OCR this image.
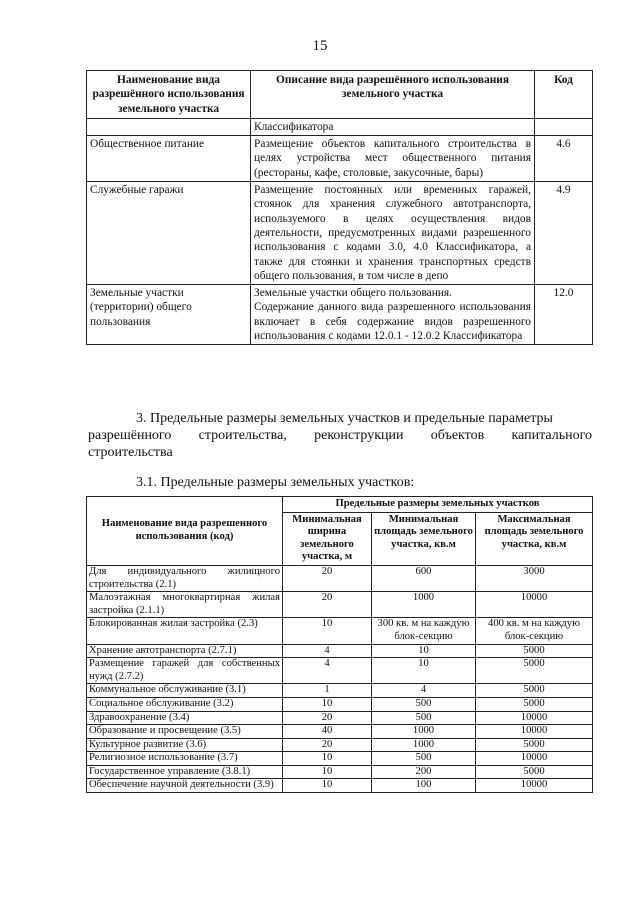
15
Наименование вида разрешённого использования земельного участка	Описание вида разрешённого использования земельного участка	Код
	Классификатора	
Общественное питание	Размещение объектов капитального строительства в целях устройства мест общественного питания (рестораны, кафе, столовые, закусочные, бары)	4.6
Служебные гаражи	Размещение постоянных или временных гаражей, стоянок для хранения служебного автотранспорта, используемого в целях осуществления видов деятельности, предусмотренных видами разрешенного использования с кодами 3.0, 4.0 Классификатора, а также для стоянки и хранения транспортных средств общего пользования, в том числе в депо	4.9
Земельные участки (территории) общего пользования	Земельные участки общего пользования.
Содержание данного вида разрешенного использования включает в себя содержание видов разрешенного использования с кодами 12.0.1 - 12.0.2 Классификатора	12.0

3. Предельные размеры земельных участков и предельные параметры
разрешённого строительства, реконструкции объектов капитального
строительства

3.1. Предельные размеры земельных участков:

Наименование вида разрешенного использования (код)	Предельные размеры земельных участков		
	Минимальная ширина земельного участка, м	Минимальная площадь земельного участка, кв.м	Максимальная площадь земельного участка, кв.м
Для индивидуального жилищного строительства (2.1)	20	600	3000
Малоэтажная многоквартирная жилая застройка (2.1.1)	20	1000	10000
Блокированная жилая застройка (2.3)	10	300 кв. м на каждую блок-секцию	400 кв. м на каждую блок-секцию
Хранение автотранспорта (2.7.1)	4	10	5000
Размещение гаражей для собственных нужд (2.7.2)	4	10	5000
Коммунальное обслуживание (3.1)	1	4	5000
Социальное обслуживание (3.2)	10	500	5000
Здравоохранение (3.4)	20	500	10000
Образование и просвещение (3.5)	40	1000	10000
Культурное развитие (3.6)	20	1000	5000
Религиозное использование (3.7)	10	500	10000
Государственное управление (3.8.1)	10	200	5000
Обеспечение научной деятельности (3.9)	10	100	10000
